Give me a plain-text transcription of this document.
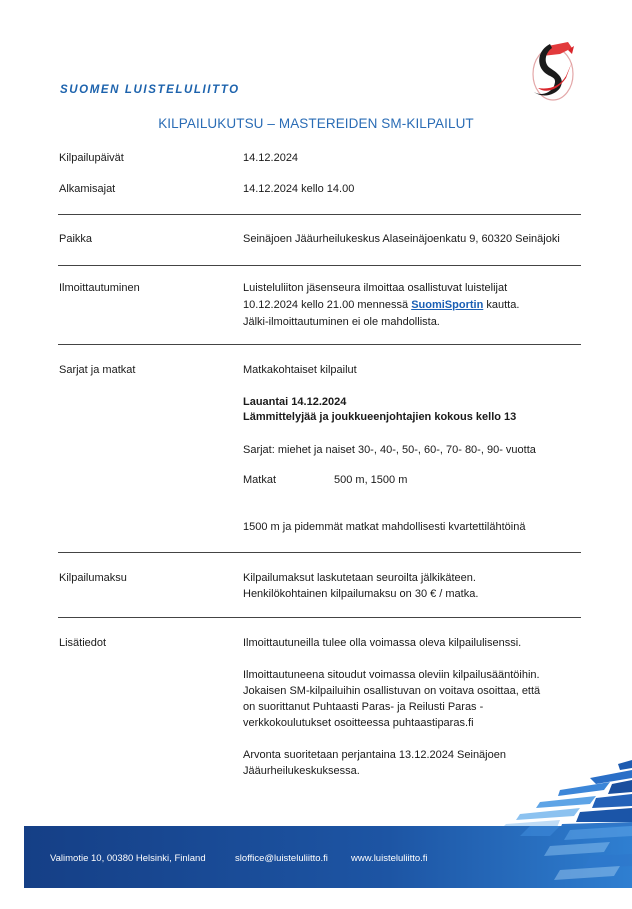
SUOMEN LUISTELULIITTO
KILPAILUKUTSU – MASTEREIDEN SM-KILPAILUT
Kilpailupäivät	14.12.2024
Alkamisajat	14.12.2024 kello 14.00
Paikka	Seinäjoen Jääurheilukeskus Alaseinäjoenkatu 9, 60320 Seinäjoki
Ilmoittautuminen	Luisteluliiton jäsenseura ilmoittaa osallistuvat luistelijat
10.12.2024 kello 21.00 mennessä SuomiSportin kautta.
Jälki-ilmoittautuminen ei ole mahdollista.
Sarjat ja matkat	Matkakohtaiset kilpailut
Lauantai 14.12.2024
Lämmittelyjää ja joukkueenjohtajien kokous kello 13
Sarjat: miehet ja naiset 30-, 40-, 50-, 60-, 70- 80-, 90- vuotta
Matkat	500 m, 1500 m
1500 m ja pidemmät matkat mahdollisesti kvartettilähtöinä
Kilpailumaksu	Kilpailumaksut laskutetaan seuroilta jälkikäteen.
Henkilökohtainen kilpailumaksu on 30 € / matka.
Lisätiedot	Ilmoittautuneilla tulee olla voimassa oleva kilpailulisenssi.
Ilmoittautuneena sitoudut voimassa oleviin kilpailusääntöihin.
Jokaisen SM-kilpailuihin osallistuvan on voitava osoittaa, että
on suorittanut Puhtaasti Paras- ja Reilusti Paras -
verkkokoulutukset osoitteessa puhtaastiparas.fi
Arvonta suoritetaan perjantaina 13.12.2024 Seinäjoen
Jääurheilukeskuksessa.
Valimotie 10, 00380 Helsinki, Finland	sloffice@luisteluliitto.fi www.luisteluliitto.fi
